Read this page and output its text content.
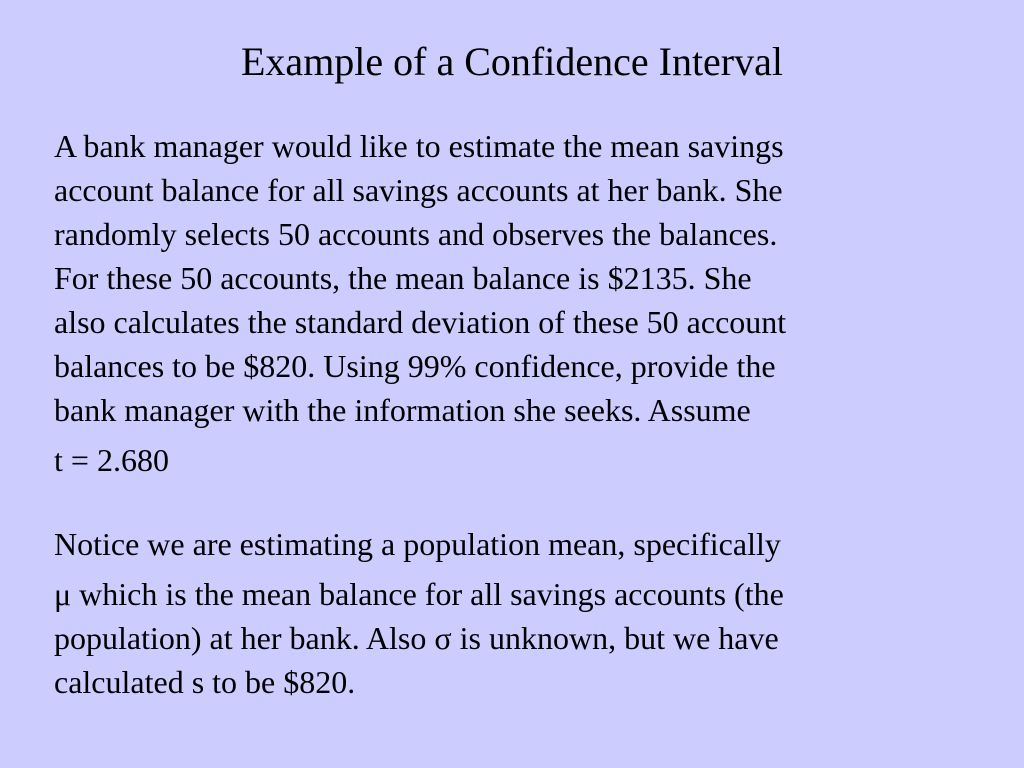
Example of a Confidence Interval

A bank manager would like to estimate the mean savings
account balance for all savings accounts at her bank. She
randomly selects 50 accounts and observes the balances.
For these 50 accounts, the mean balance is $2135. She
also calculates the standard deviation of these 50 account
balances to be $820. Using 99% confidence, provide the
bank manager with the information she seeks. Assume

t = 2.680

Notice we are estimating a population mean, specifically

μ which is the mean balance for all savings accounts (the
population) at her bank. Also σ is unknown, but we have
calculated s to be $820.
